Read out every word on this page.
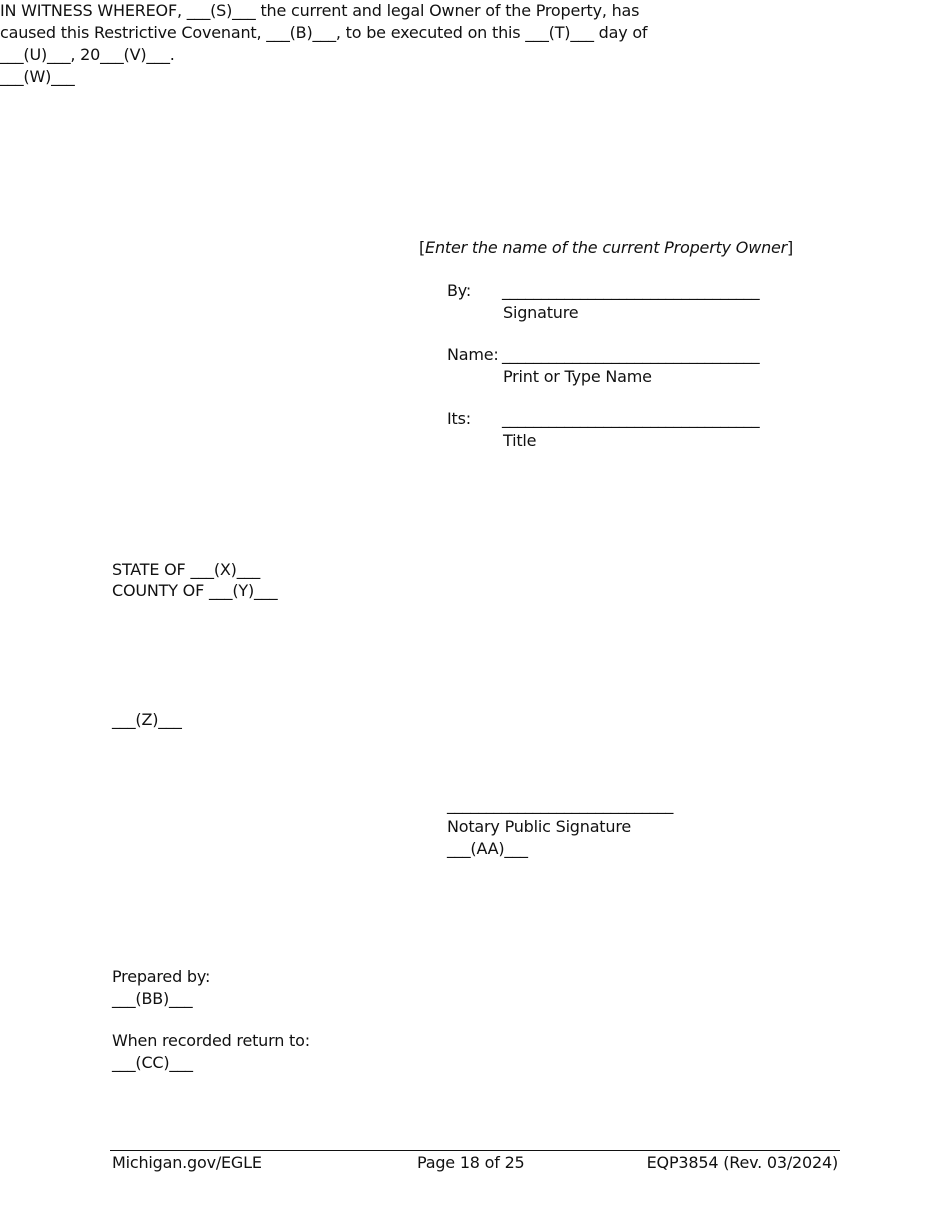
IN WITNESS WHEREOF, ___(S)___ the current and legal Owner of the Property, has
caused this Restrictive Covenant, ___(B)___, to be executed on this ___(T)___ day of
___(U)___, 20___(V)___.
___(W)___
[Enter the name of the current Property Owner]
By: _________________________________
Signature
Name: _________________________________
Print or Type Name
Its: _________________________________
Title
STATE OF ___(X)___
COUNTY OF ___(Y)___
___(Z)___
_____________________________
Notary Public Signature
___(AA)___
Prepared by:
___(BB)___
When recorded return to:
___(CC)___
Michigan.gov/EGLE	Page 18 of 25	EQP3854 (Rev. 03/2024)
